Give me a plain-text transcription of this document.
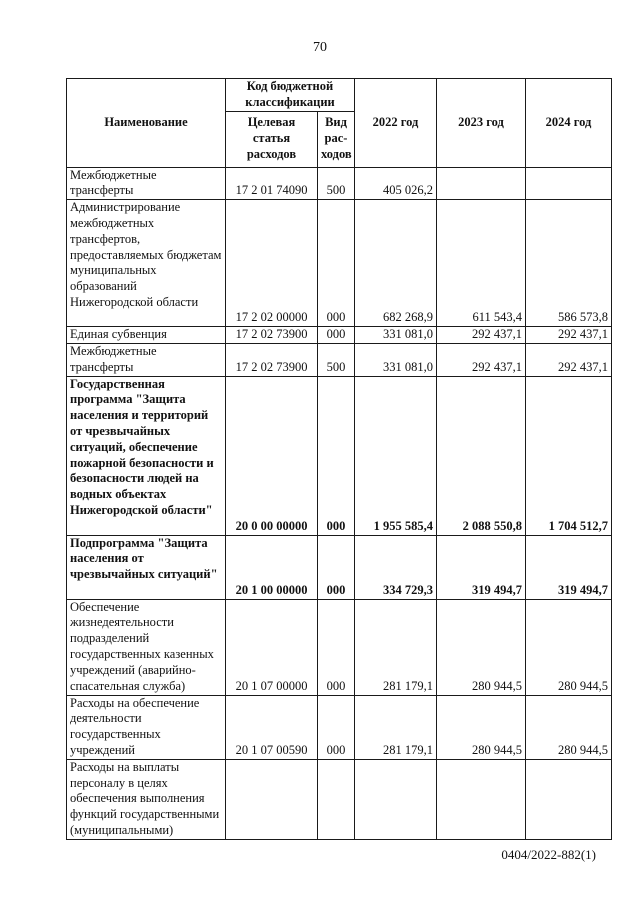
70
Наименование	Код бюджетной классификации		2022 год	2023 год	2024 год
	Целевая статья расходов	Вид рас-ходов			
Межбюджетные трансферты	17 2 01 74090	500	405 026,2		
Администрирование межбюджетных трансфертов, предоставляемых бюджетам муниципальных образований Нижегородской области	17 2 02 00000	000	682 268,9	611 543,4	586 573,8
Единая субвенция	17 2 02 73900	000	331 081,0	292 437,1	292 437,1
Межбюджетные трансферты	17 2 02 73900	500	331 081,0	292 437,1	292 437,1
Государственная программа "Защита населения и территорий от чрезвычайных ситуаций, обеспечение пожарной безопасности и безопасности людей на водных объектах Нижегородской области"	20 0 00 00000	000	1 955 585,4	2 088 550,8	1 704 512,7
Подпрограмма "Защита населения от чрезвычайных ситуаций"	20 1 00 00000	000	334 729,3	319 494,7	319 494,7
Обеспечение жизнедеятельности подразделений государственных казенных учреждений (аварийно-спасательная служба)	20 1 07 00000	000	281 179,1	280 944,5	280 944,5
Расходы на обеспечение деятельности государственных учреждений	20 1 07 00590	000	281 179,1	280 944,5	280 944,5
Расходы на выплаты персоналу в целях обеспечения выполнения функций государственными (муниципальными)					
0404/2022-882(1)
